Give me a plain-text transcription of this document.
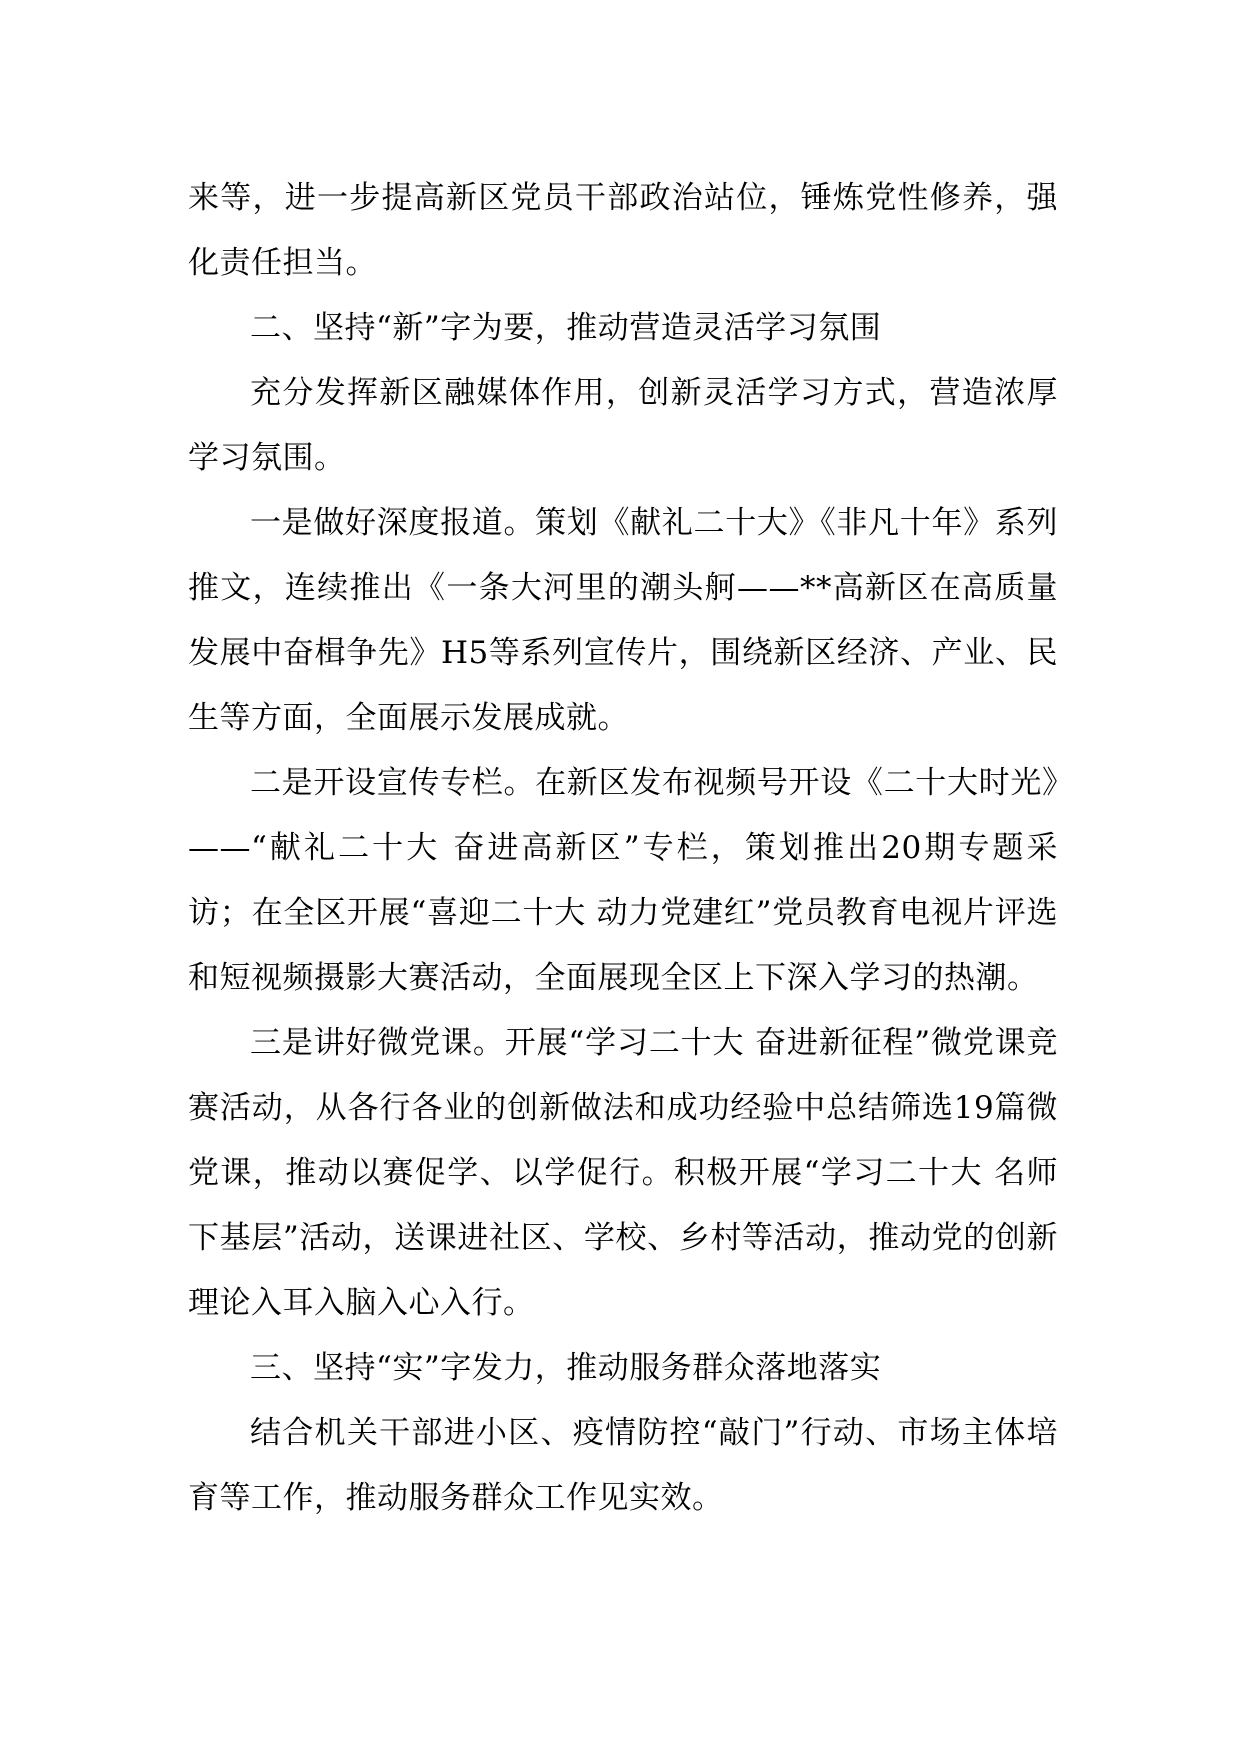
来等，进一步提高新区党员干部政治站位，锤炼党性修养，强化责任担当。

二、坚持“新”字为要，推动营造灵活学习氛围

充分发挥新区融媒体作用，创新灵活学习方式，营造浓厚学习氛围。

一是做好深度报道。策划《献礼二十大》《非凡十年》系列推文，连续推出《一条大河里的潮头舸——**高新区在高质量发展中奋楫争先》H5等系列宣传片，围绕新区经济、产业、民生等方面，全面展示发展成就。

二是开设宣传专栏。在新区发布视频号开设《二十大时光》——“献礼二十大 奋进高新区”专栏，策划推出20期专题采访；在全区开展“喜迎二十大 动力党建红”党员教育电视片评选和短视频摄影大赛活动，全面展现全区上下深入学习的热潮。

三是讲好微党课。开展“学习二十大 奋进新征程”微党课竞赛活动，从各行各业的创新做法和成功经验中总结筛选19篇微党课，推动以赛促学、以学促行。积极开展“学习二十大 名师下基层”活动，送课进社区、学校、乡村等活动，推动党的创新理论入耳入脑入心入行。

三、坚持“实”字发力，推动服务群众落地落实

结合机关干部进小区、疫情防控“敲门”行动、市场主体培育等工作，推动服务群众工作见实效。
